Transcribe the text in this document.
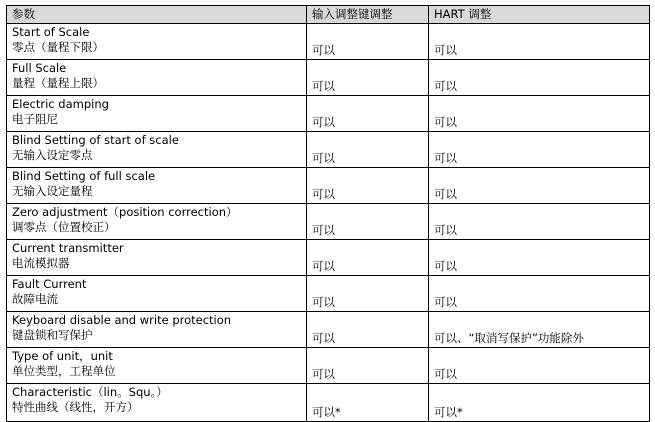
参数	输入调整键调整	HART 调整

Start of Scale
零点（量程下限）	可以	可以

Full Scale
量程（量程上限）	可以	可以

Electric damping
电子阻尼	可以	可以

Blind Setting of start of scale
无输入设定零点	可以	可以

Blind Setting of full scale
无输入设定量程	可以	可以

Zero adjustment（position correction）
调零点（位置校正）	可以	可以

Current transmitter
电流模拟器	可以	可以

Fault Current
故障电流	可以	可以

Keyboard disable and write protection
键盘锁和写保护	可以	可以、“取消写保护”功能除外

Type of unit，unit
单位类型，工程单位	可以	可以

Characteristic（lin。Squ。）
特性曲线（线性，开方）	可以*	可以*
